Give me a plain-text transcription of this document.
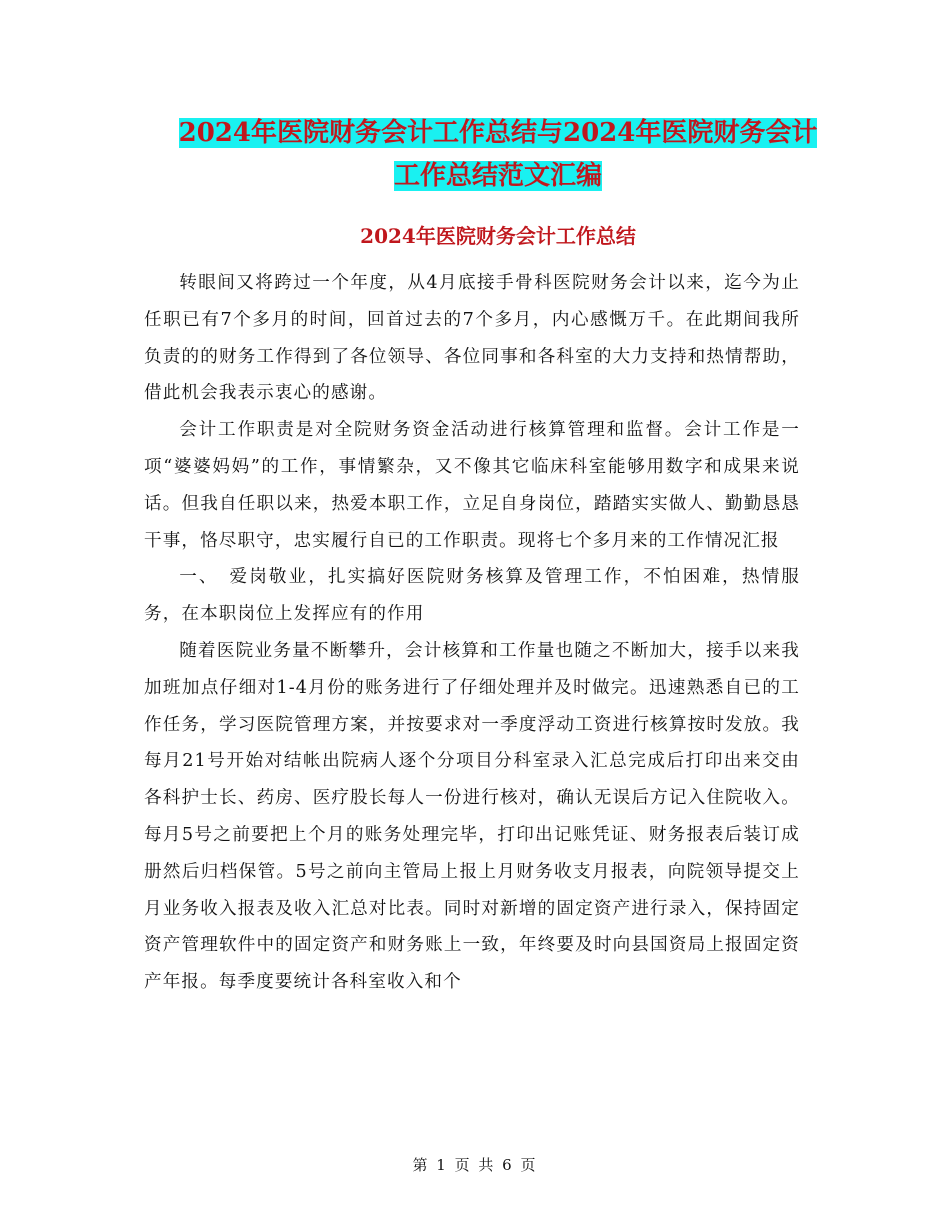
2024年医院财务会计工作总结与2024年医院财务会计
工作总结范文汇编
2024年医院财务会计工作总结

转眼间又将跨过一个年度，从4月底接手骨科医院财务会计以来，迄今为止任职已有7个多月的时间，回首过去的7个多月，内心感慨万千。在此期间我所负责的的财务工作得到了各位领导、各位同事和各科室的大力支持和热情帮助，借此机会我表示衷心的感谢。

会计工作职责是对全院财务资金活动进行核算管理和监督。会计工作是一项“婆婆妈妈”的工作，事情繁杂，又不像其它临床科室能够用数字和成果来说话。但我自任职以来，热爱本职工作，立足自身岗位，踏踏实实做人、勤勤恳恳干事，恪尽职守，忠实履行自已的工作职责。现将七个多月来的工作情况汇报

一、　爱岗敬业，扎实搞好医院财务核算及管理工作，不怕困难，热情服务，在本职岗位上发挥应有的作用

随着医院业务量不断攀升，会计核算和工作量也随之不断加大，接手以来我加班加点仔细对1-4月份的账务进行了仔细处理并及时做完。迅速熟悉自已的工作任务，学习医院管理方案，并按要求对一季度浮动工资进行核算按时发放。我每月21号开始对结帐出院病人逐个分项目分科室录入汇总完成后打印出来交由各科护士长、药房、医疗股长每人一份进行核对，确认无误后方记入住院收入。每月5号之前要把上个月的账务处理完毕，打印出记账凭证、财务报表后装订成册然后归档保管。5号之前向主管局上报上月财务收支月报表，向院领导提交上月业务收入报表及收入汇总对比表。同时对新增的固定资产进行录入，保持固定资产管理软件中的固定资产和财务账上一致，年终要及时向县国资局上报固定资产年报。每季度要统计各科室收入和个

第 1 页 共 6 页
